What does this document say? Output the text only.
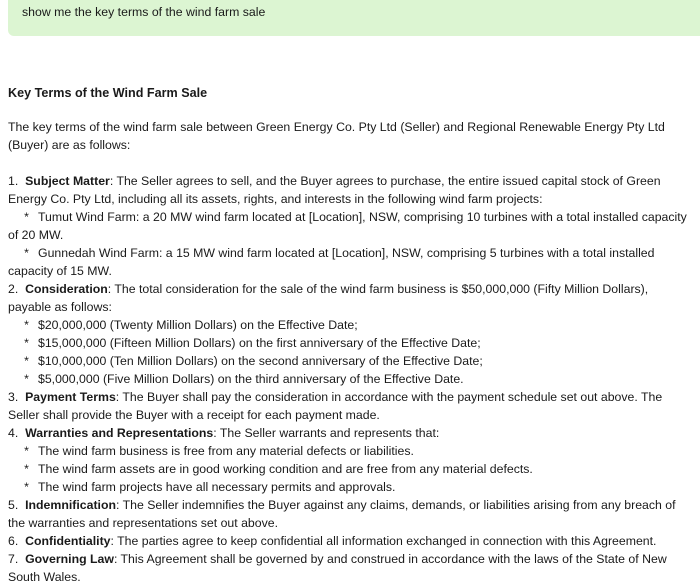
show me the key terms of the wind farm sale
Key Terms of the Wind Farm Sale
The key terms of the wind farm sale between Green Energy Co. Pty Ltd (Seller) and Regional Renewable Energy Pty Ltd (Buyer) are as follows:
1. Subject Matter: The Seller agrees to sell, and the Buyer agrees to purchase, the entire issued capital stock of Green Energy Co. Pty Ltd, including all its assets, rights, and interests in the following wind farm projects:
* Tumut Wind Farm: a 20 MW wind farm located at [Location], NSW, comprising 10 turbines with a total installed capacity of 20 MW.
* Gunnedah Wind Farm: a 15 MW wind farm located at [Location], NSW, comprising 5 turbines with a total installed capacity of 15 MW.
2. Consideration: The total consideration for the sale of the wind farm business is $50,000,000 (Fifty Million Dollars), payable as follows:
* $20,000,000 (Twenty Million Dollars) on the Effective Date;
* $15,000,000 (Fifteen Million Dollars) on the first anniversary of the Effective Date;
* $10,000,000 (Ten Million Dollars) on the second anniversary of the Effective Date;
* $5,000,000 (Five Million Dollars) on the third anniversary of the Effective Date.
3. Payment Terms: The Buyer shall pay the consideration in accordance with the payment schedule set out above. The Seller shall provide the Buyer with a receipt for each payment made.
4. Warranties and Representations: The Seller warrants and represents that:
* The wind farm business is free from any material defects or liabilities.
* The wind farm assets are in good working condition and are free from any material defects.
* The wind farm projects have all necessary permits and approvals.
5. Indemnification: The Seller indemnifies the Buyer against any claims, demands, or liabilities arising from any breach of the warranties and representations set out above.
6. Confidentiality: The parties agree to keep confidential all information exchanged in connection with this Agreement.
7. Governing Law: This Agreement shall be governed by and construed in accordance with the laws of the State of New South Wales.
